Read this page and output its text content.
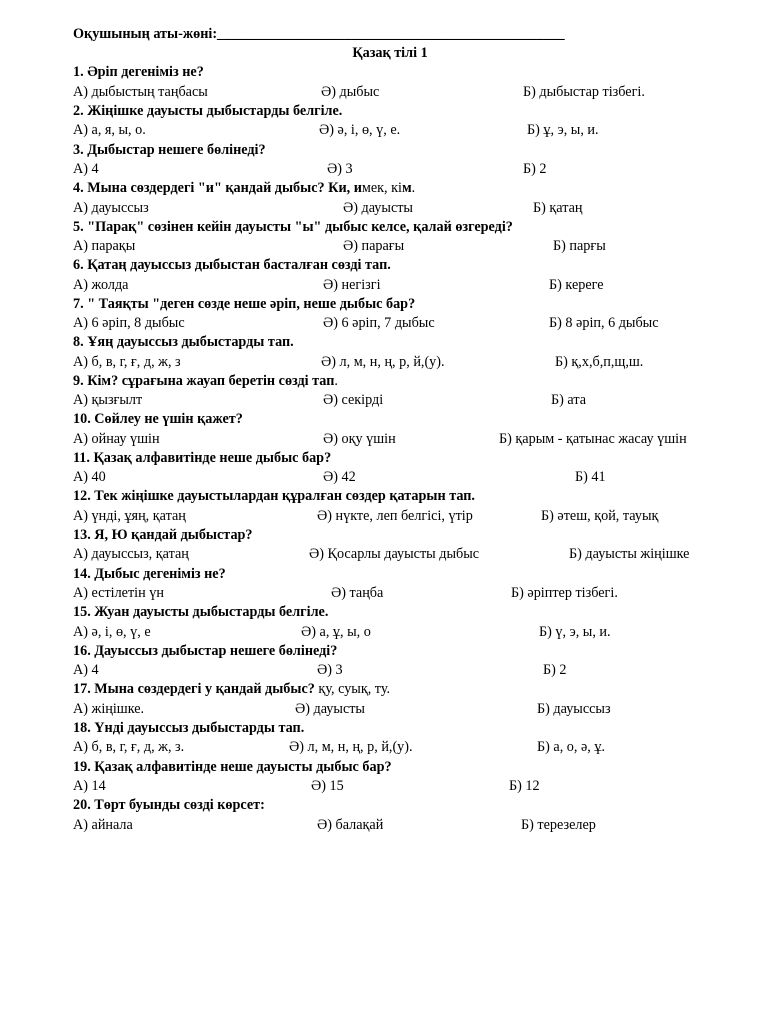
Оқушының аты-жөні:_________________________________________________
Қазақ тілі 1
1. Әріп дегеніміз не?
А) дыбыстың таңбасы	Ә) дыбыс	Б) дыбыстар тізбегі.
2. Жіңішке дауысты дыбыстарды белгіле.
А) а, я, ы, о.	Ә) ә, і, ө, ү, е.	Б) ұ, э, ы, и.
3. Дыбыстар нешеге бөлінеді?
А) 4	Ә) 3	Б) 2
4. Мына сөздердегі "и" қандай дыбыс? Ки, имек, кім.
А) дауыссыз	Ә) дауысты	Б) қатаң
5. "Парақ" сөзінен кейін дауысты "ы" дыбыс келсе, қалай өзгереді?
А) парақы	Ә) парағы	Б) парғы
6. Қатаң дауыссыз дыбыстан басталған сөзді тап.
А) жолда	Ә) негізгі	Б) кереге
7. " Таяқты "деген сөзде неше әріп, неше дыбыс бар?
А) 6 әріп, 8 дыбыс	Ә) 6 әріп, 7 дыбыс	Б) 8 әріп, 6 дыбыс
8. Ұяң дауыссыз дыбыстарды тап.
А) б, в, г, ғ, д, ж, з	Ә) л, м, н, ң, р, й,(у).	Б) қ,х,б,п,щ,ш.
9. Кім? сұрағына жауап беретін сөзді тап.
А) қызғылт	Ә) секірді	Б) ата
10. Сөйлеу не үшін қажет?
А) ойнау үшін	Ә) оқу үшін	Б) қарым - қатынас жасау үшін
11. Қазақ алфавитінде неше дыбыс бар?
А) 40	Ә) 42	Б) 41
12. Тек жіңішке дауыстылардан құралған сөздер қатарын тап.
А) үнді, ұяң, қатаң	Ә) нүкте, леп белгісі, үтір	Б) әтеш, қой, тауық
13. Я, Ю қандай дыбыстар?
А) дауыссыз, қатаң	Ә) Қосарлы дауысты дыбыс	Б) дауысты жіңішке
14. Дыбыс дегеніміз не?
А) естілетін үн	Ә) таңба	Б) әріптер тізбегі.
15. Жуан дауысты дыбыстарды белгіле.
А) ә, і, ө, ү, е	Ә) а, ұ, ы, о	Б) ү, э, ы, и.
16. Дауыссыз дыбыстар нешеге бөлінеді?
А) 4	Ә) 3	Б) 2
17. Мына сөздердегі у қандай дыбыс? қу, суық, ту.
А) жіңішке.	Ә) дауысты	Б) дауыссыз
18. Үнді дауыссыз дыбыстарды тап.
А) б, в, г, ғ, д, ж, з.	Ә) л, м, н, ң, р, й,(у).	Б) а, о, ә, ұ.
19. Қазақ алфавитінде неше дауысты дыбыс бар?
А) 14	Ә) 15	Б) 12
20. Төрт буынды сөзді көрсет:
А) айнала	Ә) балақай	Б) терезелер
